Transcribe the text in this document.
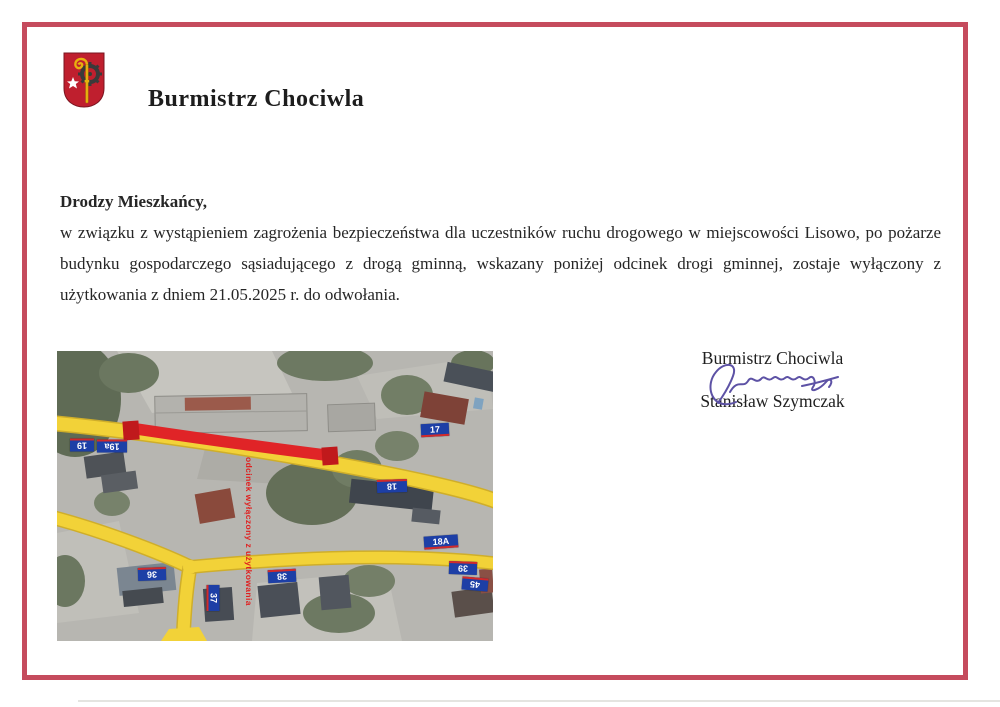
Burmistrz Chociwla
Drodzy Mieszkańcy,

w związku z wystąpieniem zagrożenia bezpieczeństwa dla uczestników ruchu drogowego w miejscowości Lisowo, po pożarze budynku gospodarczego sąsiadującego z drogą gminną, wskazany poniżej odcinek drogi gminnej, zostaje wyłączony z użytkowania z dniem 21.05.2025 r. do odwołania.

19	19a
17
18
18A
39
45
36
37
38
odcinek wyłączony z użytkowania
Burmistrz Chociwla
Stanisław Szymczak
